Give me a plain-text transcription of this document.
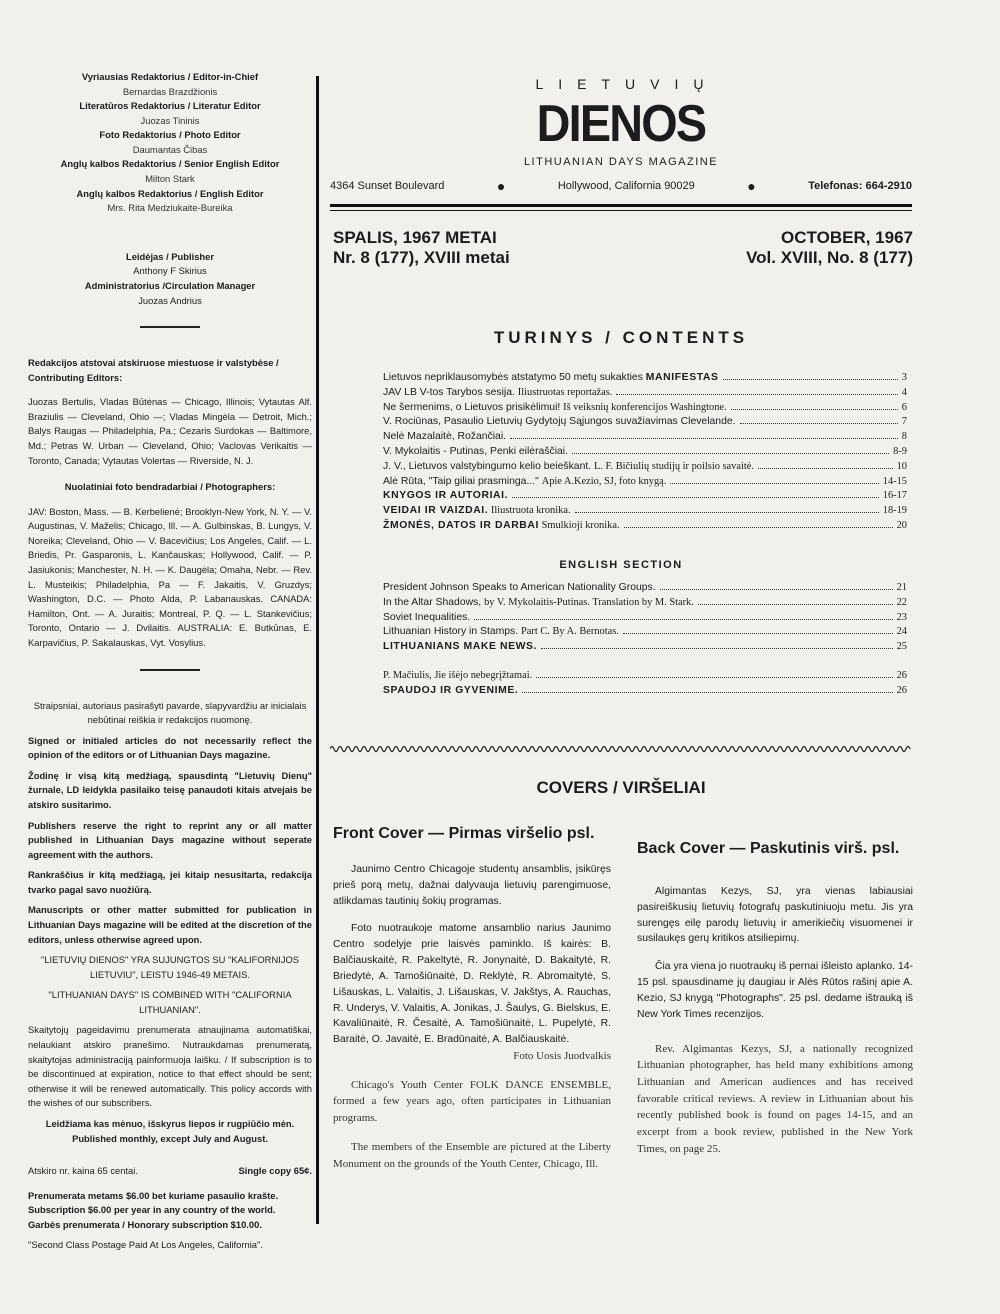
Vyriausias Redaktorius / Editor-in-Chief
Bernardas Brazdžionis
Literatūros Redaktorius / Literatur Editor
Juozas Tininis
Foto Redaktorius / Photo Editor
Daumantas Čibas
Anglų kalbos Redaktorius / Senior English Editor
Milton Stark
Anglų kalbos Redaktorius / English Editor
Mrs. Rita Medziukaite-Bureika
Leidėjas / Publisher
Anthony F Skirius
Administratorius /Circulation Manager
Juozas Andrius
Redakcijos atstovai atskiruose miestuose ir valstybėse / Contributing Editors:

Juozas Bertulis, Vladas Būtėnas — Chicago, Illinois; Vytautas Alf. Braziulis — Cleveland, Ohio —; Vladas Mingėla — Detroit, Mich.; Balys Raugas — Philadelphia, Pa.; Cezaris Surdokas — Baltimore, Md.; Petras W. Urban — Cleveland, Ohio; Vaclovas Verikaitis — Toronto, Canada; Vytautas Volertas — Riverside, N. J.

Nuolatiniai foto bendradarbiai / Photographers:

JAV: Boston, Mass. — B. Kerbelienė; Brooklyn-New York, N. Y. — V. Augustinas, V. Maželis; Chicago, Ill. — A. Gulbinskas, B. Lungys, V. Noreika; Cleveland, Ohio — V. Bacevičius; Los Angeles, Calif. — L. Briedis, Pr. Gasparonis, L. Kančauskas; Hollywood, Calif. — P. Jasiukonis; Manchester, N. H. — K. Daugėla; Omaha, Nebr. — Rev. L. Musteikis; Philadelphia, Pa — F. Jakaitis, V. Gruzdys; Washington, D.C. — Photo Alda, P. Labanauskas. CANADA: Hamilton, Ont. — A. Juraitis; Montreal, P. Q. — L. Stankevičius; Toronto, Ontario — J. Dvilaitis. AUSTRALIA: E. Butkūnas, E. Karpavičius, P. Sakalauskas, Vyt. Vosylius.

Straipsniai, autoriaus pasirašyti pavarde, slapyvardžiu ar inicialais nebūtinai reiškia ir redakcijos nuomonę.

Signed or initialed articles do not necessarily reflect the opinion of the editors or of Lithuanian Days magazine.

Žodinę ir visą kitą medžiagą, spausdintą "Lietuvių Dienų" žurnale, LD leidykla pasilaiko teisę panaudoti kitais atvejais be atskiro susitarimo.

Publishers reserve the right to reprint any or all matter published in Lithuanian Days magazine without seperate agreement with the authors.

Rankraščius ir kitą medžiagą, jei kitaip nesusitarta, redakcija tvarko pagal savo nuožiūrą.

Manuscripts or other matter submitted for publication in Lithuanian Days magazine will be edited at the discretion of the editors, unless otherwise agreed upon.

"LIETUVIŲ DIENOS" YRA SUJUNGTOS SU "KALIFORNIJOS LIETUVIU", LEISTU 1946-49 METAIS.

"LITHUANIAN DAYS" IS COMBINED WITH "CALIFORNIA LITHUANIAN".

Skaitytojų pageidavimu prenumerata atnaujinama automatiškai, nelaukiant atskiro pranešimo. Nutraukdamas prenumeratą, skaitytojas administraciją painformuoja laišku. / If subscription is to be discontinued at expiration, notice to that effect should be sent; otherwise it will be renewed automatically. This policy accords with the wishes of our subscribers.

Leidžiama kas mėnuo, išskyrus liepos ir rugpiūčio mėn. Published monthly, except July and August.

Atskiro nr. kaina 65 centai.	Single copy 65¢.
Prenumerata metams $6.00 bet kuriame pasaulio krašte.
Subscription $6.00 per year in any country of the world.
Garbės prenumerata / Honorary subscription $10.00.
"Second Class Postage Paid At Los Angeles, California".
LIETUVIŲ
DIENOS
LITHUANIAN DAYS MAGAZINE
4364 Sunset Boulevard	●	Hollywood, California 90029	●	Telefonas: 664-2910
SPALIS, 1967 METAI
Nr. 8 (177), XVIII metai
OCTOBER, 1967
Vol. XVIII, No. 8 (177)
TURINYS / CONTENTS
Lietuvos nepriklausomybės atstatymo 50 metų sukakties MANIFESTAS	3
JAV LB V-tos Tarybos sesija. Iliustruotas reportažas.	4
Ne šermenims, o Lietuvos prisikėlimui! Iš veiksnių konferencijos Washingtone.	6
V. Rociūnas, Pasaulio Lietuvių Gydytojų Sąjungos suvažiavimas Clevelande.	7
Nelė Mazalaitė, Rožančiai.	8
V. Mykolaitis - Putinas, Penki eilėraščiai.	8-9
J. V., Lietuvos valstybingumo kelio beieškant. L. F. Bičiulių studijų ir poilsio savaitė.	10
Alė Rūta, "Taip giliai prasminga..." Apie A.Kezio, SJ, foto knygą.	14-15
KNYGOS IR AUTORIAI.	16-17
VEIDAI IR VAIZDAI. Iliustruota kronika.	18-19
ŽMONĖS, DATOS IR DARBAI Smulkioji kronika.	20
ENGLISH SECTION
President Johnson Speaks to American Nationality Groups.	21
In the Altar Shadows, by V. Mykolaitis-Putinas. Translation by M. Stark.	22
Soviet Inequalities.	23
Lithuanian History in Stamps. Part C. By A. Bernotas.	24
LITHUANIANS MAKE NEWS.	25
P. Mačiulis, Jie išėjo nebegrįžtamai.	26
SPAUDOJ IR GYVENIME.	26
COVERS / VIRŠELIAI
Front Cover — Pirmas viršelio psl.

Jaunimo Centro Chicagoje studentų ansamblis, įsikūręs prieš porą metų, dažnai dalyvauja lietuvių parengimuose, atlikdamas tautinių šokių programas.

Foto nuotraukoje matome ansamblio narius Jaunimo Centro sodelyje prie laisvės paminklo. Iš kairės: B. Balčiauskaitė, R. Pakeltytė, R. Jonynaitė, D. Bakaitytė, R. Briedytė, A. Tamošiūnaitė, D. Reklytė, R. Abromaitytė, S. Lišauskas, L. Valaitis, J. Lišauskas, V. Jakštys, A. Rauchas, R. Underys, V. Valaitis, A. Jonikas, J. Šaulys, G. Bielskus, E. Kavaliūnaitė, R. Česaitė, A. Tamošiūnaitė, L. Pupelytė, R. Baraitė, O. Javaitė, E. Bradūnaitė, A. Balčiauskaitė.

Foto Uosis Juodvalkis

Chicago's Youth Center FOLK DANCE ENSEMBLE, formed a few years ago, often participates in Lithuanian programs.

The members of the Ensemble are pictured at the Liberty Monument on the grounds of the Youth Center, Chicago, Ill.

Back Cover — Paskutinis virš. psl.

Algimantas Kezys, SJ, yra vienas labiausiai pasireiškusių lietuvių fotografų paskutiniuoju metu. Jis yra surengęs eilę parodų lietuvių ir amerikiečių visuomenei ir susilaukęs gerų kritikos atsiliepimų.

Čia yra viena jo nuotraukų iš pernai išleisto aplanko. 14-15 psl. spausdiname jų daugiau ir Alės Rūtos rašinį apie A. Kezio, SJ knygą "Photographs". 25 psl. dedame ištrauką iš New York Times recenzijos.

Rev. Algimantas Kezys, SJ, a nationally recognized Lithuanian photographer, has held many exhibitions among Lithuanian and American audiences and has received favorable critical reviews. A review in Lithuanian about his recently published book is found on pages 14-15, and an excerpt from a book review, published in the New York Times, on page 25.
